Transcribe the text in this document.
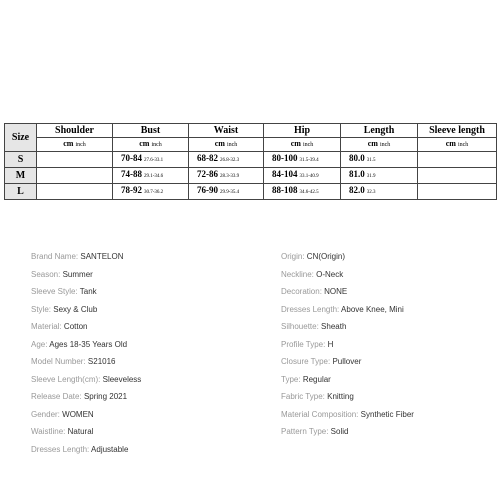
Size	Shoulder	Bust	Waist	Hip	Length	Sleeve length
	cm inch	cm inch	cm inch	cm inch	cm inch	cm inch
S		70-84 27.6-33.1	68-82 26.8-32.3	80-100 31.5-39.4	80.0 31.5	
M		74-88 29.1-34.6	72-86 28.3-33.9	84-104 33.1-40.9	81.0 31.9	
L		78-92 30.7-36.2	76-90 29.9-35.4	88-108 34.6-42.5	82.0 32.3	
Brand Name: SANTELON
Season: Summer
Sleeve Style: Tank
Style: Sexy & Club
Material: Cotton
Age: Ages 18-35 Years Old
Model Number: S21016
Sleeve Length(cm): Sleeveless
Release Date: Spring 2021
Gender: WOMEN
Waistline: Natural
Dresses Length: Adjustable
Origin: CN(Origin)
Neckline: O-Neck
Decoration: NONE
Dresses Length: Above Knee, Mini
Silhouette: Sheath
Profile Type: H
Closure Type: Pullover
Type: Regular
Fabric Type: Knitting
Material Composition: Synthetic Fiber
Pattern Type: Solid
